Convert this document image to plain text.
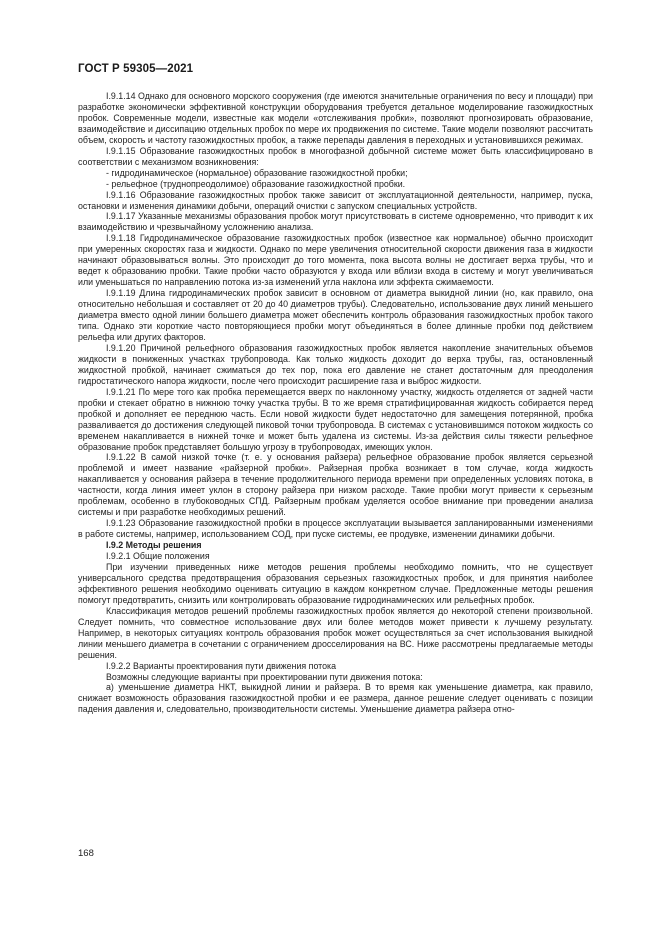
ГОСТ Р 59305—2021

I.9.1.14 Однако для основного морского сооружения (где имеются значительные ограничения по весу и площади) при разработке экономически эффективной конструкции оборудования требуется детальное моделирование газожидкостных пробок. Современные модели, известные как модели «отслеживания пробки», позволяют прогнозировать образование, взаимодействие и диссипацию отдельных пробок по мере их продвижения по системе. Такие модели позволяют рассчитать объем, скорость и частоту газожидкостных пробок, а также перепады давления в переходных и установившихся режимах.

I.9.1.15 Образование газожидкостных пробок в многофазной добычной системе может быть классифицировано в соответствии с механизмом возникновения:

- гидродинамическое (нормальное) образование газожидкостной пробки;

- рельефное (труднопреодолимое) образование газожидкостной пробки.

I.9.1.16 Образование газожидкостных пробок также зависит от эксплуатационной деятельности, например, пуска, остановки и изменения динамики добычи, операций очистки с запуском специальных устройств.

I.9.1.17 Указанные механизмы образования пробок могут присутствовать в системе одновременно, что приводит к их взаимодействию и чрезвычайному усложнению анализа.

I.9.1.18 Гидродинамическое образование газожидкостных пробок (известное как нормальное) обычно происходит при умеренных скоростях газа и жидкости. Однако по мере увеличения относительной скорости движения газа в жидкости начинают образовываться волны. Это происходит до того момента, пока высота волны не достигает верха трубы, что и ведет к образованию пробки. Такие пробки часто образуются у входа или вблизи входа в систему и могут увеличиваться или уменьшаться по направлению потока из-за изменений угла наклона или эффекта сжимаемости.

I.9.1.19 Длина гидродинамических пробок зависит в основном от диаметра выкидной линии (но, как правило, она относительно небольшая и составляет от 20 до 40 диаметров трубы). Следовательно, использование двух линий меньшего диаметра вместо одной линии большего диаметра может обеспечить контроль образования газожидкостных пробок такого типа. Однако эти короткие часто повторяющиеся пробки могут объединяться в более длинные пробки под действием рельефа или других факторов.

I.9.1.20 Причиной рельефного образования газожидкостных пробок является накопление значительных объемов жидкости в пониженных участках трубопровода. Как только жидкость доходит до верха трубы, газ, остановленный жидкостной пробкой, начинает сжиматься до тех пор, пока его давление не станет достаточным для преодоления гидростатического напора жидкости, после чего происходит расширение газа и выброс жидкости.

I.9.1.21 По мере того как пробка перемещается вверх по наклонному участку, жидкость отделяется от задней части пробки и стекает обратно в нижнюю точку участка трубы. В то же время стратифицированная жидкость собирается перед пробкой и дополняет ее переднюю часть. Если новой жидкости будет недостаточно для замещения потерянной, пробка разваливается до достижения следующей пиковой точки трубопровода. В системах с установившимся потоком жидкость со временем накапливается в нижней точке и может быть удалена из системы. Из-за действия силы тяжести рельефное образование пробок представляет большую угрозу в трубопроводах, имеющих уклон.

I.9.1.22 В самой низкой точке (т. е. у основания райзера) рельефное образование пробок является серьезной проблемой и имеет название «райзерной пробки». Райзерная пробка возникает в том случае, когда жидкость накапливается у основания райзера в течение продолжительного периода времени при определенных условиях потока, в частности, когда линия имеет уклон в сторону райзера при низком расходе. Такие пробки могут привести к серьезным проблемам, особенно в глубоководных СПД. Райзерным пробкам уделяется особое внимание при проведении анализа системы и при разработке необходимых решений.

I.9.1.23 Образование газожидкостной пробки в процессе эксплуатации вызывается запланированными изменениями в работе системы, например, использованием СОД, при пуске системы, ее продувке, изменении динамики добычи.

I.9.2 Методы решения

I.9.2.1 Общие положения

При изучении приведенных ниже методов решения проблемы необходимо помнить, что не существует универсального средства предотвращения образования серьезных газожидкостных пробок, и для принятия наиболее эффективного решения необходимо оценивать ситуацию в каждом конкретном случае. Предложенные методы решения помогут предотвратить, снизить или контролировать образование гидродинамических или рельефных пробок.

Классификация методов решений проблемы газожидкостных пробок является до некоторой степени произвольной. Следует помнить, что совместное использование двух или более методов может привести к лучшему результату. Например, в некоторых ситуациях контроль образования пробок может осуществляться за счет использования выкидной линии меньшего диаметра в сочетании с ограничением дросселирования на ВС. Ниже рассмотрены предлагаемые методы решения.

I.9.2.2 Варианты проектирования пути движения потока

Возможны следующие варианты при проектировании пути движения потока:

а) уменьшение диаметра НКТ, выкидной линии и райзера. В то время как уменьшение диаметра, как правило, снижает возможность образования газожидкостной пробки и ее размера, данное решение следует оценивать с позиции падения давления и, следовательно, производительности системы. Уменьшение диаметра райзера отно-

168
